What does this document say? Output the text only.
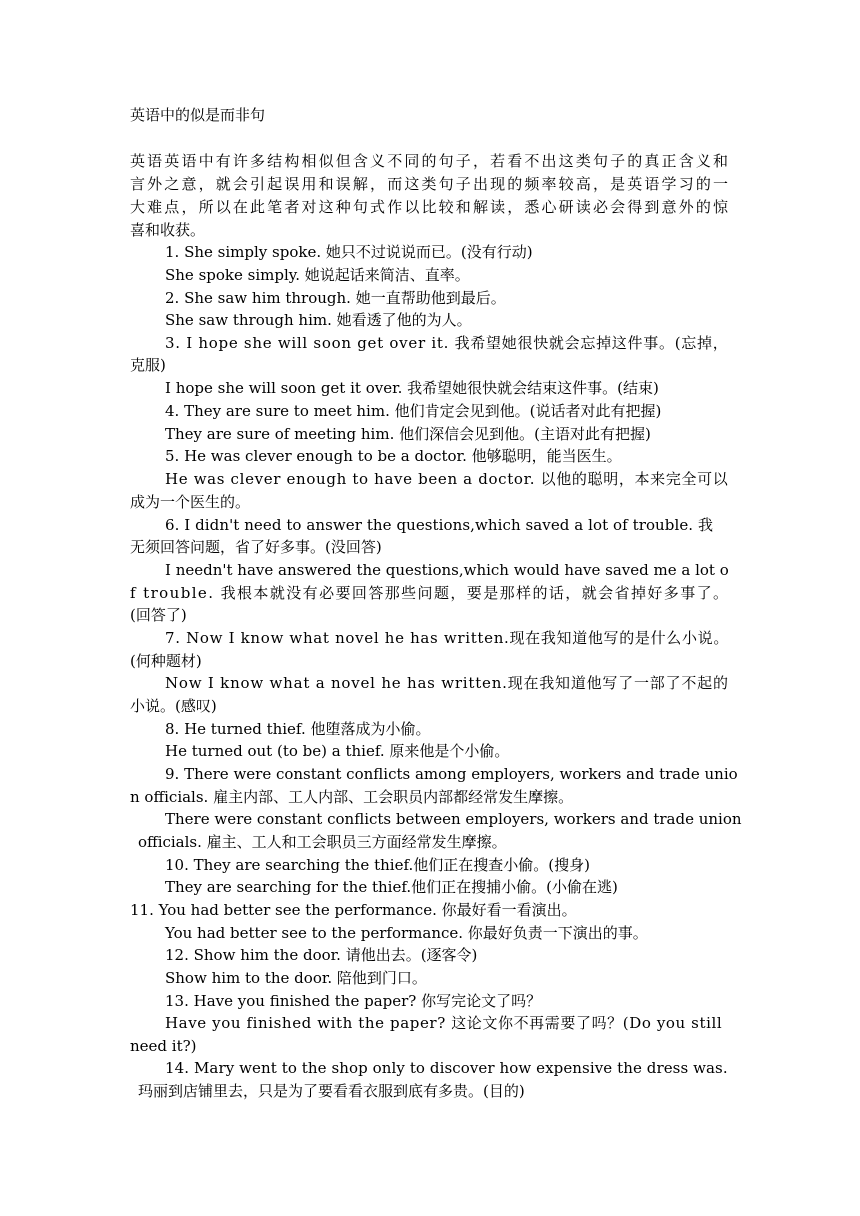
英语中的似是而非句
英语英语中有许多结构相似但含义不同的句子，若看不出这类句子的真正含义和
言外之意，就会引起误用和误解，而这类句子出现的频率较高，是英语学习的一
大难点，所以在此笔者对这种句式作以比较和解读，悉心研读必会得到意外的惊
喜和收获。
1. She simply spoke. 她只不过说说而已。(没有行动)
She spoke simply. 她说起话来简洁、直率。
2. She saw him through. 她一直帮助他到最后。
She saw through him. 她看透了他的为人。
3. I hope she will soon get over it. 我希望她很快就会忘掉这件事。(忘掉，
克服)
I hope she will soon get it over. 我希望她很快就会结束这件事。(结束)
4. They are sure to meet him. 他们肯定会见到他。(说话者对此有把握)
They are sure of meeting him. 他们深信会见到他。(主语对此有把握)
5. He was clever enough to be a doctor. 他够聪明，能当医生。
He was clever enough to have been a doctor. 以他的聪明，本来完全可以
成为一个医生的。
6. I didn't need to answer the questions,which saved a lot of trouble. 我
无须回答问题，省了好多事。(没回答)
I needn't have answered the questions,which would have saved me a lot o
f trouble. 我根本就没有必要回答那些问题，要是那样的话，就会省掉好多事了。
(回答了)
7. Now I know what novel he has written.现在我知道他写的是什么小说。
(何种题材)
Now I know what a novel he has written.现在我知道他写了一部了不起的
小说。(感叹)
8. He turned thief. 他堕落成为小偷。
He turned out (to be) a thief. 原来他是个小偷。
9. There were constant conflicts among employers, workers and trade unio
n officials. 雇主内部、工人内部、工会职员内部都经常发生摩擦。
There were constant conflicts between employers, workers and trade union
officials. 雇主、工人和工会职员三方面经常发生摩擦。
10. They are searching the thief.他们正在搜查小偷。(搜身)
They are searching for the thief.他们正在搜捕小偷。(小偷在逃)
11. You had better see the performance. 你最好看一看演出。
You had better see to the performance. 你最好负责一下演出的事。
12. Show him the door. 请他出去。(逐客令)
Show him to the door. 陪他到门口。
13. Have you finished the paper? 你写完论文了吗？
Have you finished with the paper? 这论文你不再需要了吗？(Do you still
need it?)
14. Mary went to the shop only to discover how expensive the dress was.
玛丽到店铺里去，只是为了要看看衣服到底有多贵。(目的)
